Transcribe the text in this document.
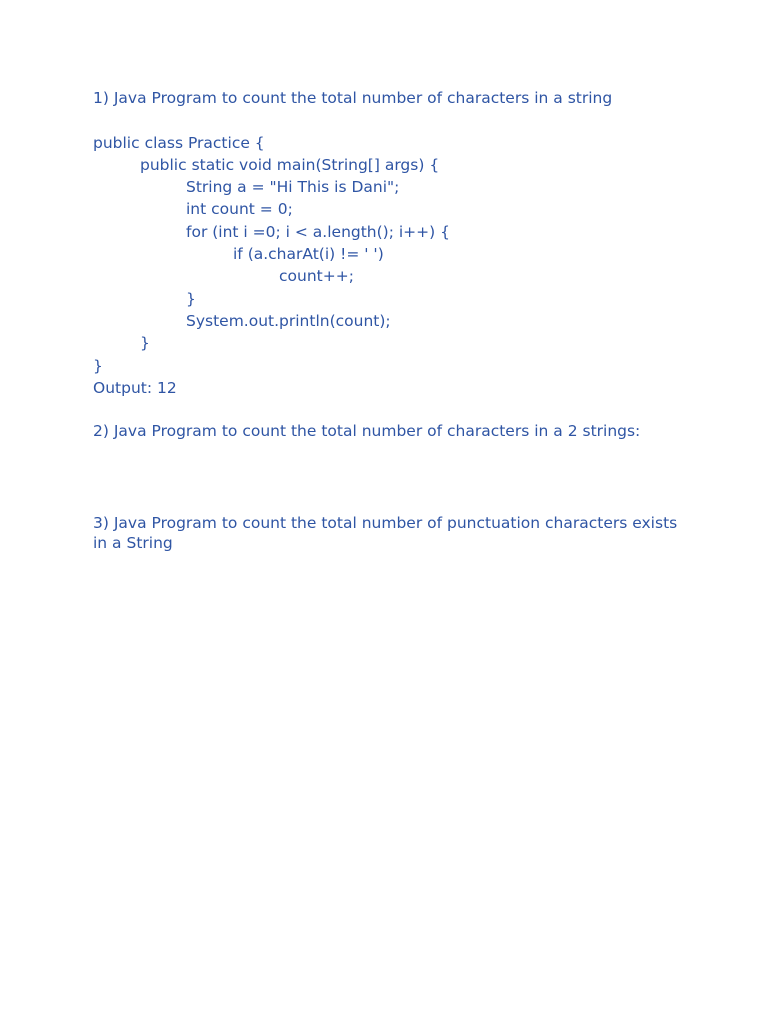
1) Java Program to count the total number of characters in a string
public class Practice {
public static void main(String[] args) {
String a = "Hi This is Dani";
int count = 0;
for (int i =0; i < a.length(); i++) {
if (a.charAt(i) != ' ')
count++;
}
System.out.println(count);
}
}
Output: 12
2) Java Program to count the total number of characters in a 2 strings:
3) Java Program to count the total number of punctuation characters exists in a String
